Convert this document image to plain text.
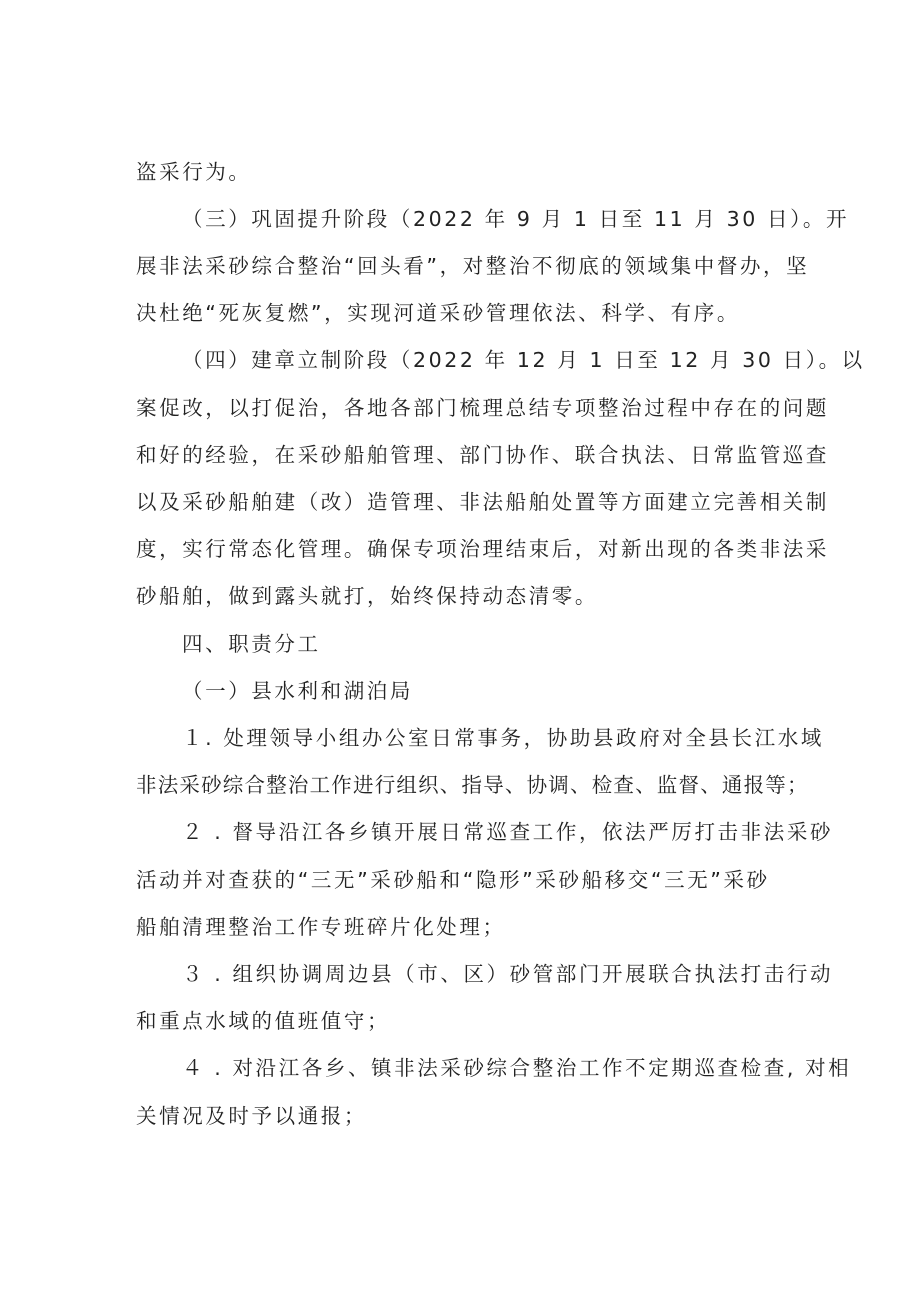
盗采行为。
（三）巩固提升阶段（2022 年 9 月 1 日至 11 月 30 日）。开
展非法采砂综合整治“回头看”，对整治不彻底的领域集中督办，坚
决杜绝“死灰复燃”，实现河道采砂管理依法、科学、有序。
（四）建章立制阶段（2022 年 12 月 1 日至 12 月 30 日）。以
案促改，以打促治，各地各部门梳理总结专项整治过程中存在的问题
和好的经验，在采砂船舶管理、部门协作、联合执法、日常监管巡查
以及采砂船舶建（改）造管理、非法船舶处置等方面建立完善相关制
度，实行常态化管理。确保专项治理结束后，对新出现的各类非法采
砂船舶，做到露头就打，始终保持动态清零。
四、职责分工
（一）县水利和湖泊局
１. 处理领导小组办公室日常事务，协助县政府对全县长江水域
非法采砂综合整治工作进行组织、指导、协调、检查、监督、通报等；
２ . 督导沿江各乡镇开展日常巡查工作，依法严厉打击非法采砂
活动并对查获的“三无”采砂船和“隐形”采砂船移交“三无”采砂
船舶清理整治工作专班碎片化处理；
３ . 组织协调周边县（市、区）砂管部门开展联合执法打击行动
和重点水域的值班值守；
４ . 对沿江各乡、镇非法采砂综合整治工作不定期巡查检查, 对相
关情况及时予以通报；
